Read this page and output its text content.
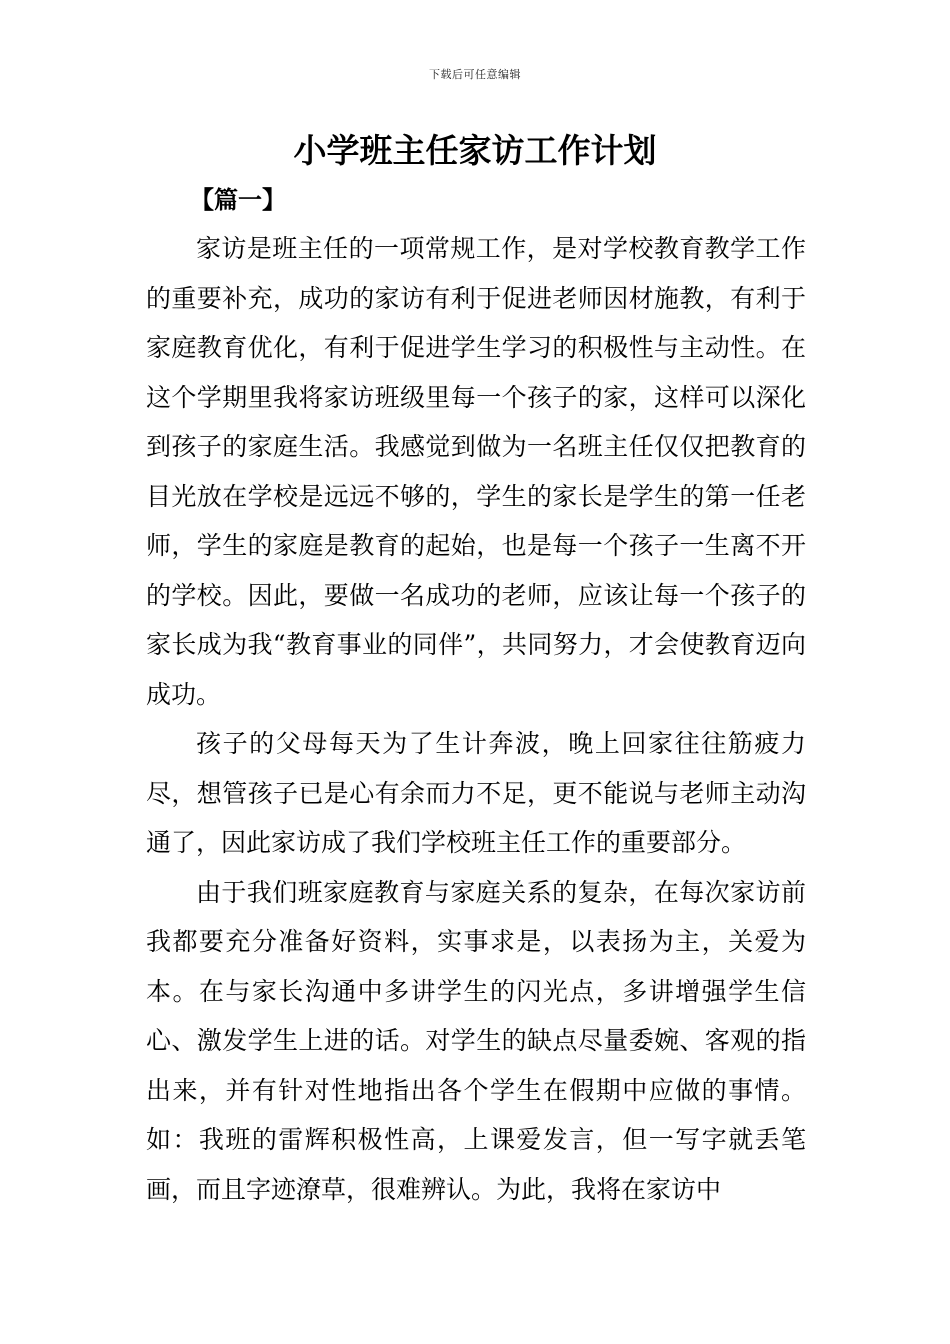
下载后可任意编辑
小学班主任家访工作计划

【篇一】

家访是班主任的一项常规工作，是对学校教育教学工作的重要补充，成功的家访有利于促进老师因材施教，有利于家庭教育优化，有利于促进学生学习的积极性与主动性。在这个学期里我将家访班级里每一个孩子的家，这样可以深化到孩子的家庭生活。我感觉到做为一名班主任仅仅把教育的目光放在学校是远远不够的，学生的家长是学生的第一任老师，学生的家庭是教育的起始，也是每一个孩子一生离不开的学校。因此，要做一名成功的老师，应该让每一个孩子的家长成为我“教育事业的同伴”，共同努力，才会使教育迈向成功。

孩子的父母每天为了生计奔波，晚上回家往往筋疲力尽，想管孩子已是心有余而力不足，更不能说与老师主动沟通了，因此家访成了我们学校班主任工作的重要部分。

由于我们班家庭教育与家庭关系的复杂，在每次家访前我都要充分准备好资料，实事求是，以表扬为主，关爱为本。在与家长沟通中多讲学生的闪光点，多讲增强学生信心、激发学生上进的话。对学生的缺点尽量委婉、客观的指出来，并有针对性地指出各个学生在假期中应做的事情。如：我班的雷辉积极性高，上课爱发言，但一写字就丢笔画，而且字迹潦草，很难辨认。为此，我将在家访中
